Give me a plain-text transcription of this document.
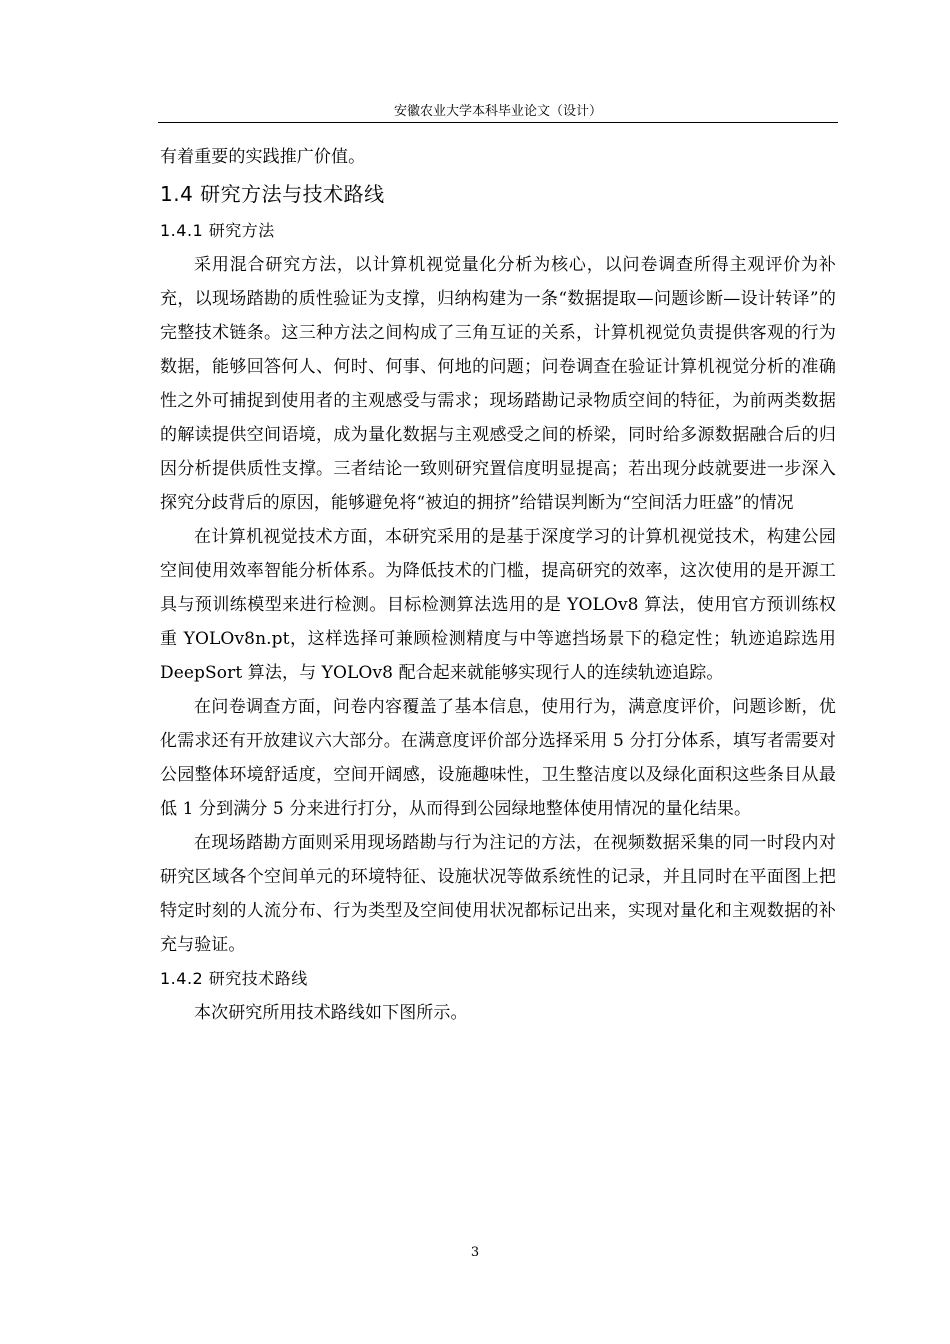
安徽农业大学本科毕业论文（设计）

有着重要的实践推广价值。

1.4 研究方法与技术路线
1.4.1 研究方法

采用混合研究方法，以计算机视觉量化分析为核心，以问卷调查所得主观评价为补充，以现场踏勘的质性验证为支撑，归纳构建为一条“数据提取—问题诊断—设计转译”的完整技术链条。这三种方法之间构成了三角互证的关系，计算机视觉负责提供客观的行为数据，能够回答何人、何时、何事、何地的问题；问卷调查在验证计算机视觉分析的准确性之外可捕捉到使用者的主观感受与需求；现场踏勘记录物质空间的特征，为前两类数据的解读提供空间语境，成为量化数据与主观感受之间的桥梁，同时给多源数据融合后的归因分析提供质性支撑。三者结论一致则研究置信度明显提高；若出现分歧就要进一步深入探究分歧背后的原因，能够避免将“被迫的拥挤”给错误判断为“空间活力旺盛”的情况

在计算机视觉技术方面，本研究采用的是基于深度学习的计算机视觉技术，构建公园空间使用效率智能分析体系。为降低技术的门槛，提高研究的效率，这次使用的是开源工具与预训练模型来进行检测。目标检测算法选用的是 YOLOv8 算法，使用官方预训练权重 YOLOv8n.pt，这样选择可兼顾检测精度与中等遮挡场景下的稳定性；轨迹追踪选用 DeepSort 算法，与 YOLOv8 配合起来就能够实现行人的连续轨迹追踪。

在问卷调查方面，问卷内容覆盖了基本信息，使用行为，满意度评价，问题诊断，优化需求还有开放建议六大部分。在满意度评价部分选择采用 5 分打分体系，填写者需要对公园整体环境舒适度，空间开阔感，设施趣味性，卫生整洁度以及绿化面积这些条目从最低 1 分到满分 5 分来进行打分，从而得到公园绿地整体使用情况的量化结果。

在现场踏勘方面则采用现场踏勘与行为注记的方法，在视频数据采集的同一时段内对研究区域各个空间单元的环境特征、设施状况等做系统性的记录，并且同时在平面图上把特定时刻的人流分布、行为类型及空间使用状况都标记出来，实现对量化和主观数据的补充与验证。

1.4.2 研究技术路线

本次研究所用技术路线如下图所示。

3
